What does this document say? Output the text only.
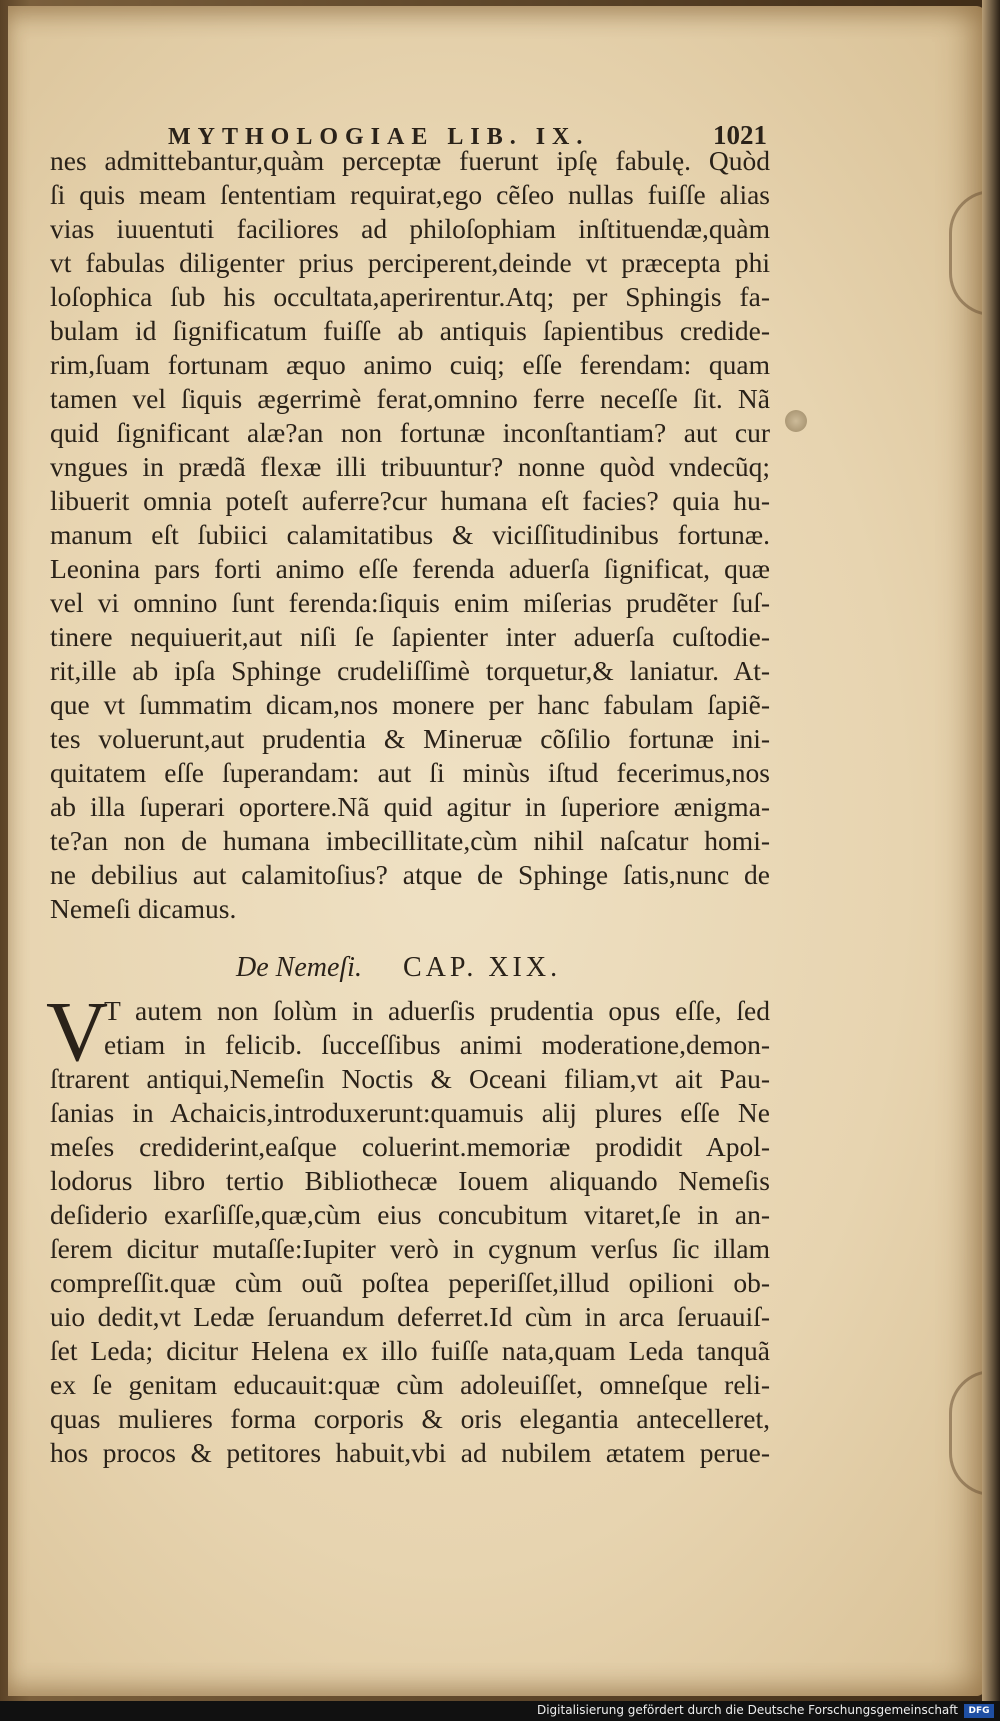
MYTHOLOGIAE LIB. IX.	1021
nes admittebantur,quàm perceptæ fuerunt ipſę fabulę. Quòd
ſi quis meam ſententiam requirat,ego cẽſeo nullas fuiſſe alias
vias iuuentuti faciliores ad philoſophiam inſtituendæ,quàm
vt fabulas diligenter prius perciperent,deinde vt præcepta phi
loſophica ſub his occultata,aperirentur.Atq; per Sphingis fa-
bulam id ſignificatum fuiſſe ab antiquis ſapientibus credide-
rim,ſuam fortunam æquo animo cuiq; eſſe ferendam: quam
tamen vel ſiquis ægerrimè ferat,omnino ferre neceſſe ſit. Nã
quid ſignificant alæ?an non fortunæ inconſtantiam? aut cur
vngues in prædã flexæ illi tribuuntur? nonne quòd vndecũq;
libuerit omnia poteſt auferre?cur humana eſt facies? quia hu-
manum eſt ſubiici calamitatibus & viciſſitudinibus fortunæ.
Leonina pars forti animo eſſe ferenda aduerſa ſignificat, quæ
vel vi omnino ſunt ferenda:ſiquis enim miſerias prudẽter ſuſ-
tinere nequiuerit,aut niſi ſe ſapienter inter aduerſa cuſtodie-
rit,ille ab ipſa Sphinge crudeliſſimè torquetur,& laniatur. At-
que vt ſummatim dicam,nos monere per hanc fabulam ſapiẽ-
tes voluerunt,aut prudentia & Mineruæ cõſilio fortunæ ini-
quitatem eſſe ſuperandam: aut ſi minùs iſtud fecerimus,nos
ab illa ſuperari oportere.Nã quid agitur in ſuperiore ænigma-
te?an non de humana imbecillitate,cùm nihil naſcatur homi-
ne debilius aut calamitoſius? atque de Sphinge ſatis,nunc de
Nemeſi dicamus.
De Nemeſi. CAP. XIX.
V
T autem non ſolùm in aduerſis prudentia opus eſſe, ſed
etiam in felicib. ſucceſſibus animi moderatione,demon-
ſtrarent antiqui,Nemeſin Noctis & Oceani filiam,vt ait Pau-
ſanias in Achaicis,introduxerunt:quamuis alij plures eſſe Ne
meſes crediderint,eaſque coluerint.memoriæ prodidit Apol-
lodorus libro tertio Bibliothecæ Iouem aliquando Nemeſis
deſiderio exarſiſſe,quæ,cùm eius concubitum vitaret,ſe in an-
ſerem dicitur mutaſſe:Iupiter verò in cygnum verſus ſic illam
compreſſit.quæ cùm ouũ poſtea peperiſſet,illud opilioni ob-
uio dedit,vt Ledæ ſeruandum deferret.Id cùm in arca ſeruauiſ-
ſet Leda; dicitur Helena ex illo fuiſſe nata,quam Leda tanquã
ex ſe genitam educauit:quæ cùm adoleuiſſet, omneſque reli-
quas mulieres forma corporis & oris elegantia antecelleret,
hos procos & petitores habuit,vbi ad nubilem ætatem perue-
Digitalisierung gefördert durch die Deutsche Forschungsgemeinschaft	DFG
